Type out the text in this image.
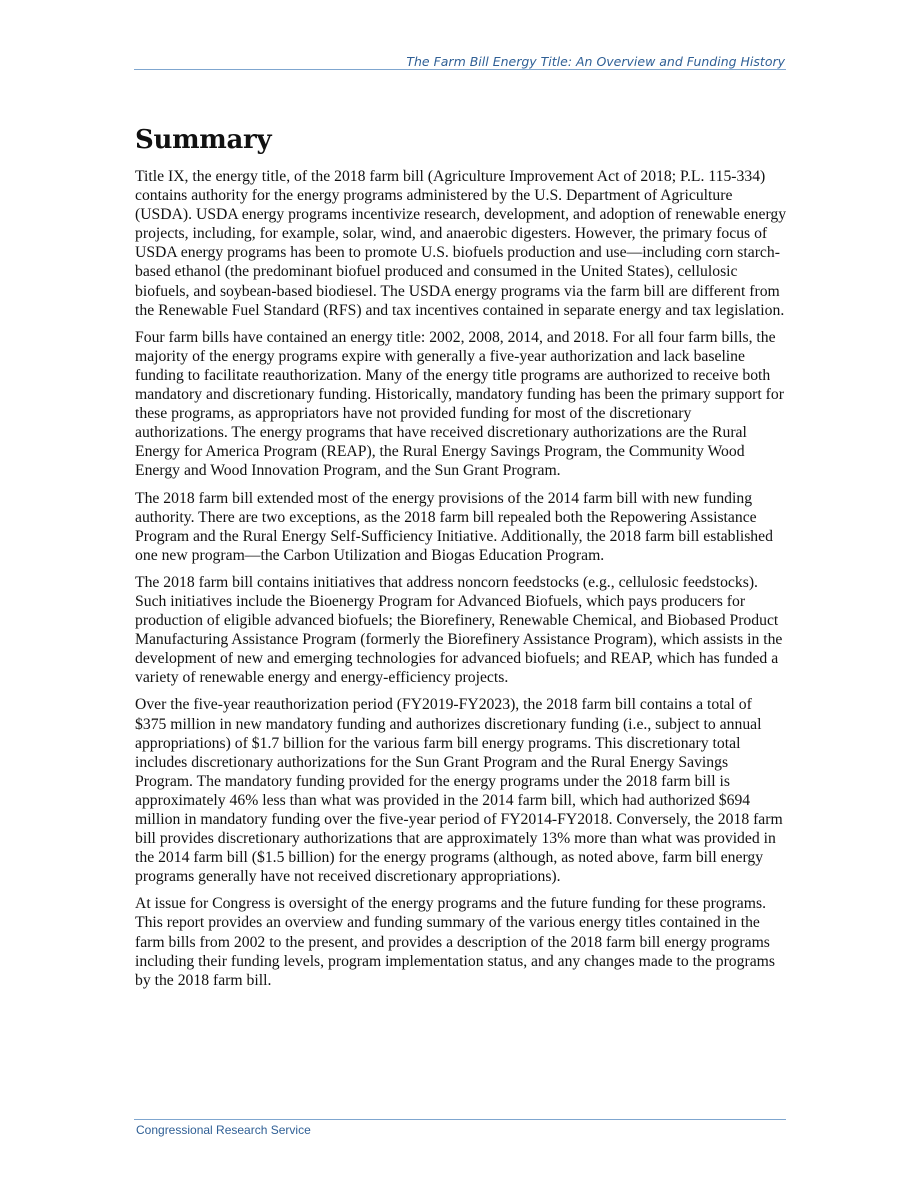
The Farm Bill Energy Title: An Overview and Funding History
Summary

Title IX, the energy title, of the 2018 farm bill (Agriculture Improvement Act of 2018; P.L. 115-334) contains authority for the energy programs administered by the U.S. Department of Agriculture (USDA). USDA energy programs incentivize research, development, and adoption of renewable energy projects, including, for example, solar, wind, and anaerobic digesters. However, the primary focus of USDA energy programs has been to promote U.S. biofuels production and use—including corn starch-based ethanol (the predominant biofuel produced and consumed in the United States), cellulosic biofuels, and soybean-based biodiesel. The USDA energy programs via the farm bill are different from the Renewable Fuel Standard (RFS) and tax incentives contained in separate energy and tax legislation.

Four farm bills have contained an energy title: 2002, 2008, 2014, and 2018. For all four farm bills, the majority of the energy programs expire with generally a five-year authorization and lack baseline funding to facilitate reauthorization. Many of the energy title programs are authorized to receive both mandatory and discretionary funding. Historically, mandatory funding has been the primary support for these programs, as appropriators have not provided funding for most of the discretionary authorizations. The energy programs that have received discretionary authorizations are the Rural Energy for America Program (REAP), the Rural Energy Savings Program, the Community Wood Energy and Wood Innovation Program, and the Sun Grant Program.

The 2018 farm bill extended most of the energy provisions of the 2014 farm bill with new funding authority. There are two exceptions, as the 2018 farm bill repealed both the Repowering Assistance Program and the Rural Energy Self-Sufficiency Initiative. Additionally, the 2018 farm bill established one new program—the Carbon Utilization and Biogas Education Program.

The 2018 farm bill contains initiatives that address noncorn feedstocks (e.g., cellulosic feedstocks). Such initiatives include the Bioenergy Program for Advanced Biofuels, which pays producers for production of eligible advanced biofuels; the Biorefinery, Renewable Chemical, and Biobased Product Manufacturing Assistance Program (formerly the Biorefinery Assistance Program), which assists in the development of new and emerging technologies for advanced biofuels; and REAP, which has funded a variety of renewable energy and energy-efficiency projects.

Over the five-year reauthorization period (FY2019-FY2023), the 2018 farm bill contains a total of $375 million in new mandatory funding and authorizes discretionary funding (i.e., subject to annual appropriations) of $1.7 billion for the various farm bill energy programs. This discretionary total includes discretionary authorizations for the Sun Grant Program and the Rural Energy Savings Program. The mandatory funding provided for the energy programs under the 2018 farm bill is approximately 46% less than what was provided in the 2014 farm bill, which had authorized $694 million in mandatory funding over the five-year period of FY2014-FY2018. Conversely, the 2018 farm bill provides discretionary authorizations that are approximately 13% more than what was provided in the 2014 farm bill ($1.5 billion) for the energy programs (although, as noted above, farm bill energy programs generally have not received discretionary appropriations).

At issue for Congress is oversight of the energy programs and the future funding for these programs. This report provides an overview and funding summary of the various energy titles contained in the farm bills from 2002 to the present, and provides a description of the 2018 farm bill energy programs including their funding levels, program implementation status, and any changes made to the programs by the 2018 farm bill.

Congressional Research Service
